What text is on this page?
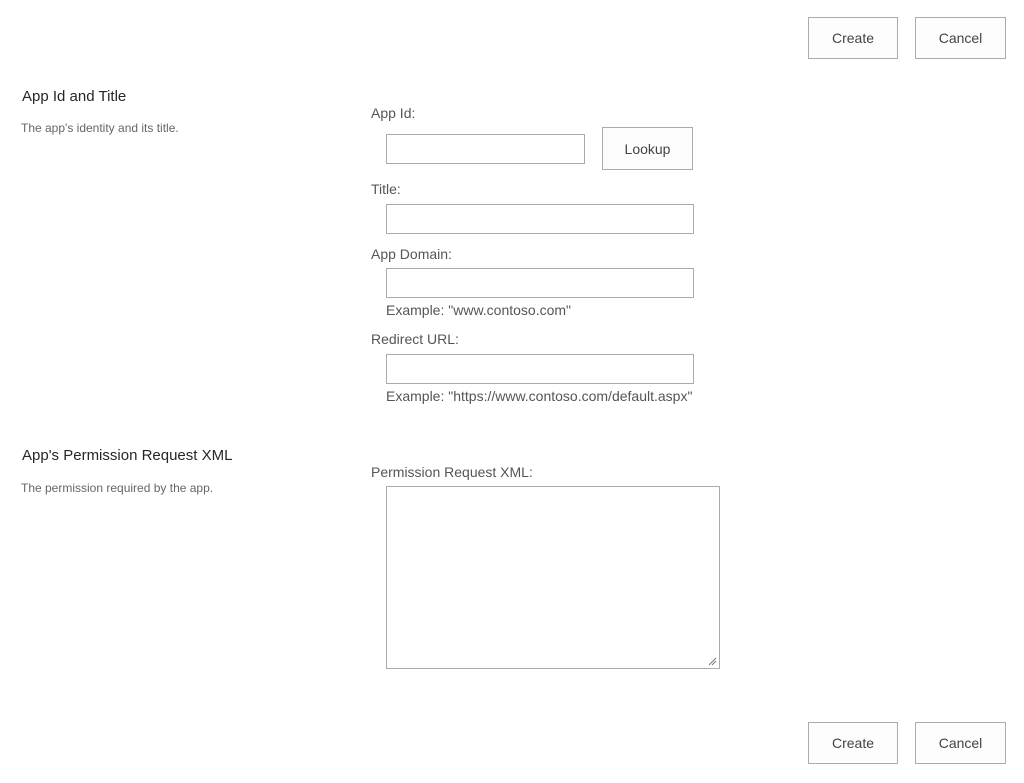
Create	Cancel
App Id and Title
The app's identity and its title.
App Id:
Lookup
Title:
App Domain:
Example: "www.contoso.com"
Redirect URL:
Example: "https://www.contoso.com/default.aspx"
App's Permission Request XML
The permission required by the app.
Permission Request XML:
Create	Cancel
